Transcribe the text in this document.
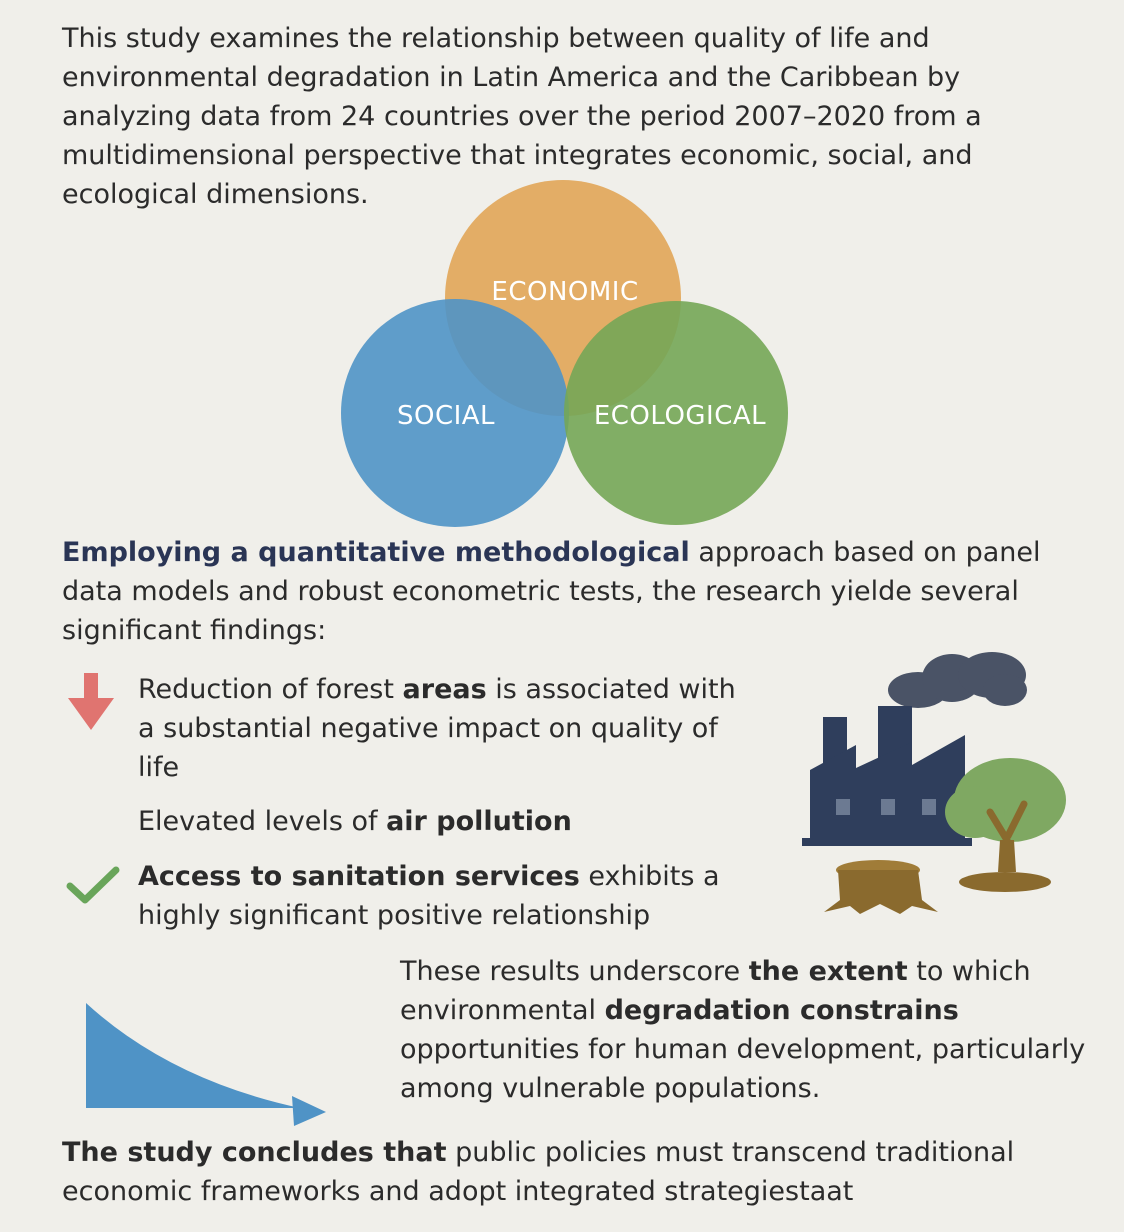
This study examines the relationship between quality of life and environmental degradation in Latin America and the Caribbean by analyzing data from 24 countries over the period 2007–2020 from a multidimensional perspective that integrates economic, social, and ecological dimensions.

ECONOMIC
SOCIAL	ECOLOGICAL

Employing a quantitative methodological approach based on panel data models and robust econometric tests, the research yielde several significant findings:

Reduction of forest areas is associated with a substantial negative impact on quality of life

Elevated levels of air pollution

Access to sanitation services exhibits a highly significant positive relationship

These results underscore the extent to which environmental degradation constrains opportunities for human development, particularly among vulnerable populations.

The study concludes that public policies must transcend traditional economic frameworks and adopt integrated strategiestaat
